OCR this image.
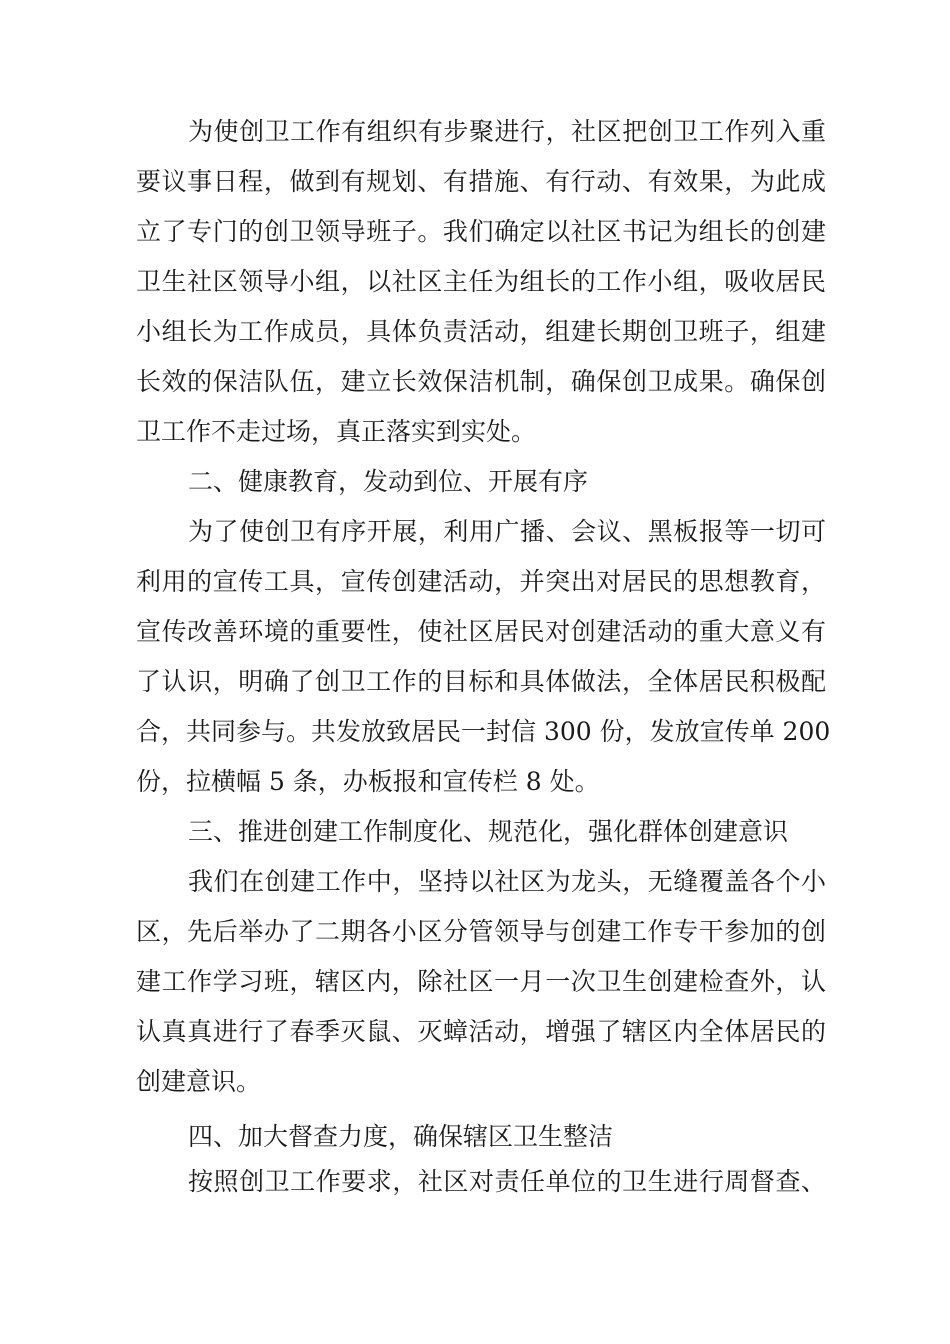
为使创卫工作有组织有步聚进行，社区把创卫工作列入重
要议事日程，做到有规划、有措施、有行动、有效果，为此成
立了专门的创卫领导班子。我们确定以社区书记为组长的创建
卫生社区领导小组，以社区主任为组长的工作小组，吸收居民
小组长为工作成员，具体负责活动，组建长期创卫班子，组建
长效的保洁队伍，建立长效保洁机制，确保创卫成果。确保创
卫工作不走过场，真正落实到实处。
二、健康教育，发动到位、开展有序
为了使创卫有序开展，利用广播、会议、黑板报等一切可
利用的宣传工具，宣传创建活动，并突出对居民的思想教育，
宣传改善环境的重要性，使社区居民对创建活动的重大意义有
了认识，明确了创卫工作的目标和具体做法，全体居民积极配
合，共同参与。共发放致居民一封信 300 份，发放宣传单 200
份，拉横幅 5 条，办板报和宣传栏 8 处。
三、推进创建工作制度化、规范化，强化群体创建意识
我们在创建工作中，坚持以社区为龙头，无缝覆盖各个小
区，先后举办了二期各小区分管领导与创建工作专干参加的创
建工作学习班，辖区内，除社区一月一次卫生创建检查外，认
认真真进行了春季灭鼠、灭蟑活动，增强了辖区内全体居民的
创建意识。
四、加大督查力度，确保辖区卫生整洁
按照创卫工作要求，社区对责任单位的卫生进行周督查、
